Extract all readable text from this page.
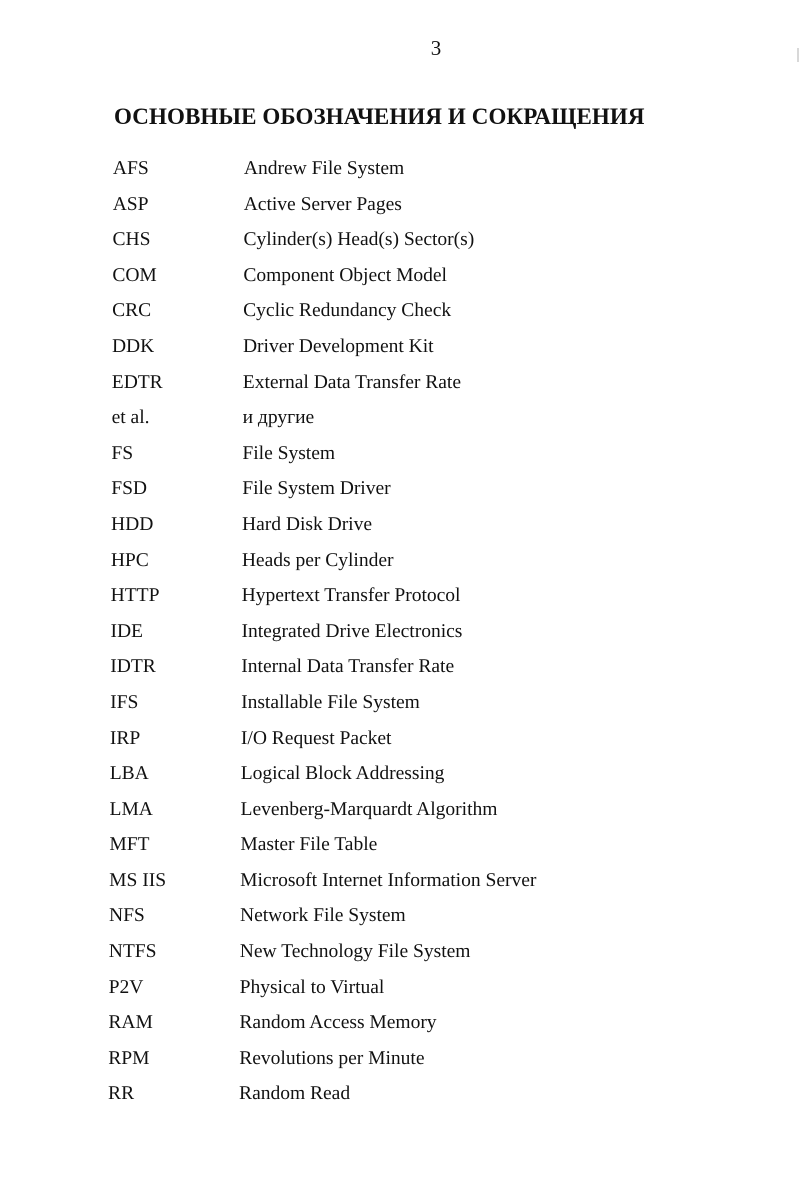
3
ОСНОВНЫЕ ОБОЗНАЧЕНИЯ И СОКРАЩЕНИЯ
AFS	Andrew File System
ASP	Active Server Pages
CHS	Cylinder(s) Head(s) Sector(s)
COM	Component Object Model
CRC	Cyclic Redundancy Check
DDK	Driver Development Kit
EDTR	External Data Transfer Rate
et al.	и другие
FS	File System
FSD	File System Driver
HDD	Hard Disk Drive
HPC	Heads per Cylinder
HTTP	Hypertext Transfer Protocol
IDE	Integrated Drive Electronics
IDTR	Internal Data Transfer Rate
IFS	Installable File System
IRP	I/O Request Packet
LBA	Logical Block Addressing
LMA	Levenberg-Marquardt Algorithm
MFT	Master File Table
MS IIS	Microsoft Internet Information Server
NFS	Network File System
NTFS	New Technology File System
P2V	Physical to Virtual
RAM	Random Access Memory
RPM	Revolutions per Minute
RR	Random Read
